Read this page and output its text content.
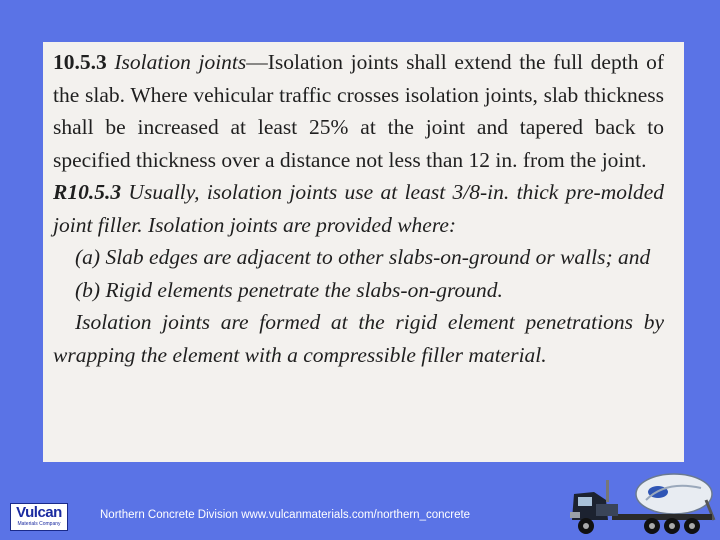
10.5.3 Isolation joints—Isolation joints shall extend the full depth of the slab. Where vehicular traffic crosses isolation joints, slab thickness shall be increased at least 25% at the joint and tapered back to specified thickness over a distance not less than 12 in. from the joint.

R10.5.3 Usually, isolation joints use at least 3/8-in. thick pre-molded joint filler. Isolation joints are provided where:

(a) Slab edges are adjacent to other slabs-on-ground or walls; and

(b) Rigid elements penetrate the slabs-on-ground.

Isolation joints are formed at the rigid element penetrations by wrapping the element with a compressible filler material.

Vulcan
Materials Company
Northern Concrete Division www.vulcanmaterials.com/northern_concrete
